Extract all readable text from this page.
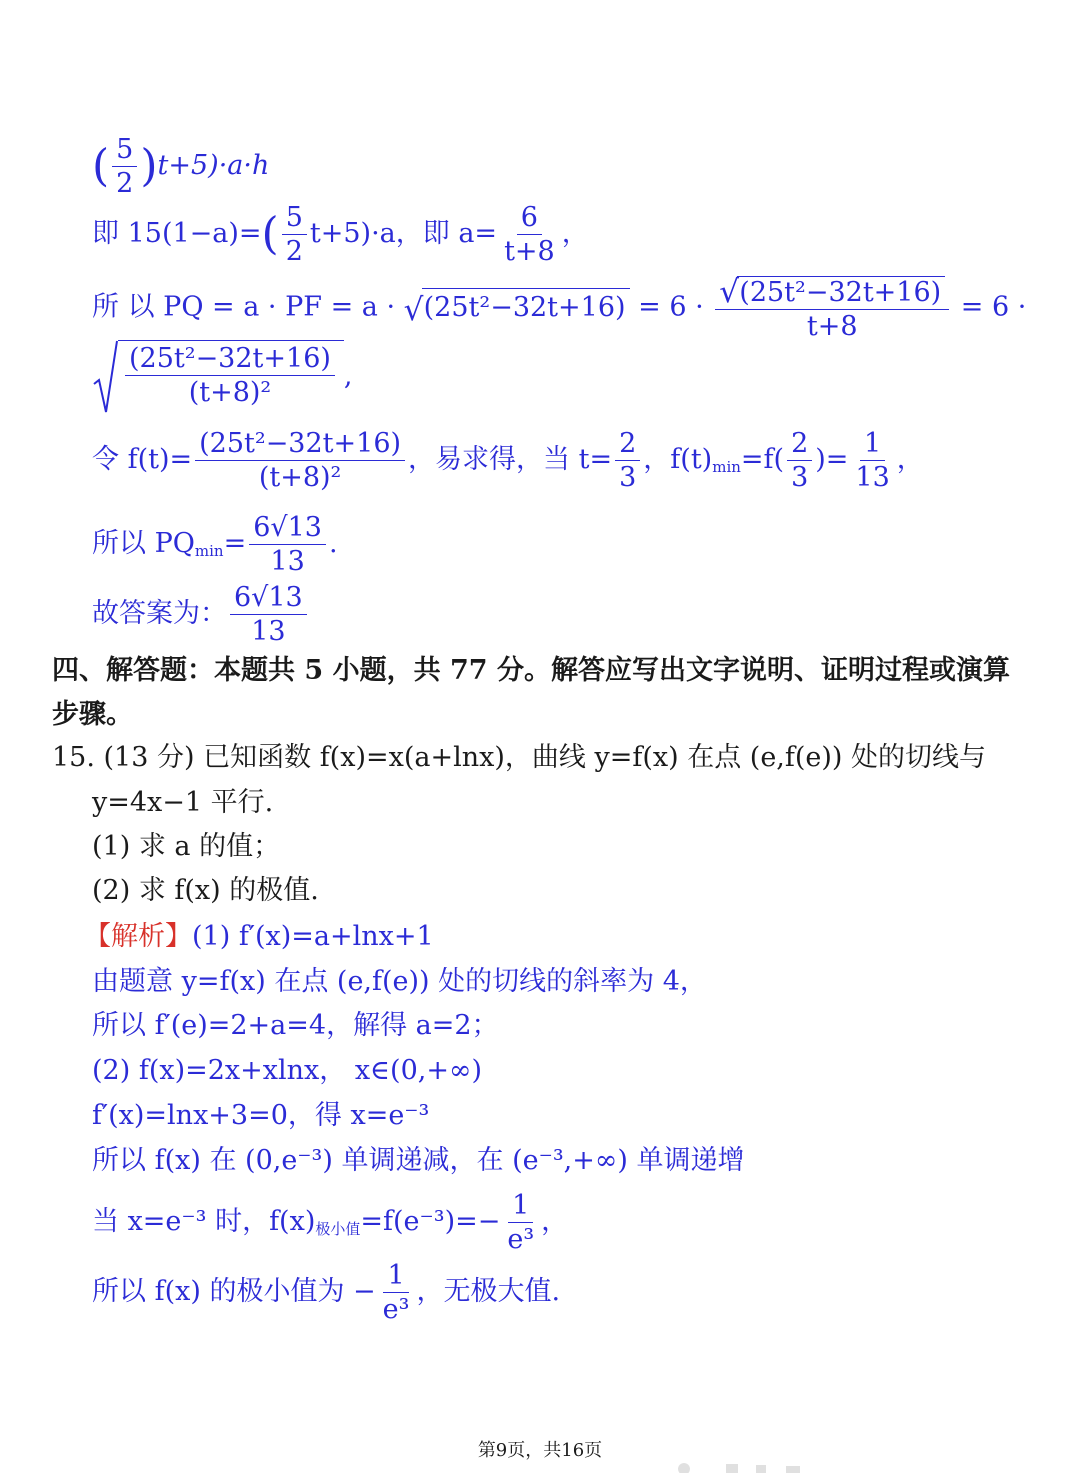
( $\frac{5}{2} )t+5)\cdot a\cdot h$
即 $15(1-a)=( \frac{5}{2} t+5)\cdot a$，即 $a= \frac{6}{t+8}$ ，
所 以 PQ = a · PF = a · √ $(25t^2-32t+16) = 6 \cdot \frac{\text{√ (25t²−32t+16)}}{t+8} = 6$ ·
$\frac{\text{(25t²−32t+16)}}{\text{(t+8)²}}$ ,
令 $f(t)= \frac{\text{(25t²−32t+16)}}{\text{(t+8)²}}$ ，易求得，当 $t= \frac{2}{3}$ ，$f(t)_{min}=f( \frac{2}{3}$ )= $\frac{1}{13}$ ，
所以 $PQ_{min}= \frac{6√13}{13}$ .
故答案为： $\frac{6√13}{13}$
四、解答题：本题共 5 小题，共 77 分。解答应写出文字说明、证明过程或演算
步骤。
15. (13 分) 已知函数 f(x)=x(a+lnx)，曲线 y=f(x) 在点 (e,f(e)) 处的切线与
y=4x−1 平行.
(1) 求 a 的值；
(2) 求 f(x) 的极值.
【解析】(1) f′(x)=a+lnx+1
由题意 y=f(x) 在点 (e,f(e)) 处的切线的斜率为 4，
所以 f′(e)=2+a=4，解得 a=2；
(2) f(x)=2x+xlnx， x∈(0,+∞)
f′(x)=lnx+3=0，得 x=e⁻³
所以 f(x) 在 (0,e⁻³) 单调递减，在 (e⁻³,+∞) 单调递增
当 x=e⁻³ 时，$f(x)_{极小值}=f(e^{-3})=- \frac{1}{\text{e³}}$ ，
所以 f(x) 的极小值为 − $\frac{1}{\text{e³}}$ ，无极大值.
第9页，共16页
